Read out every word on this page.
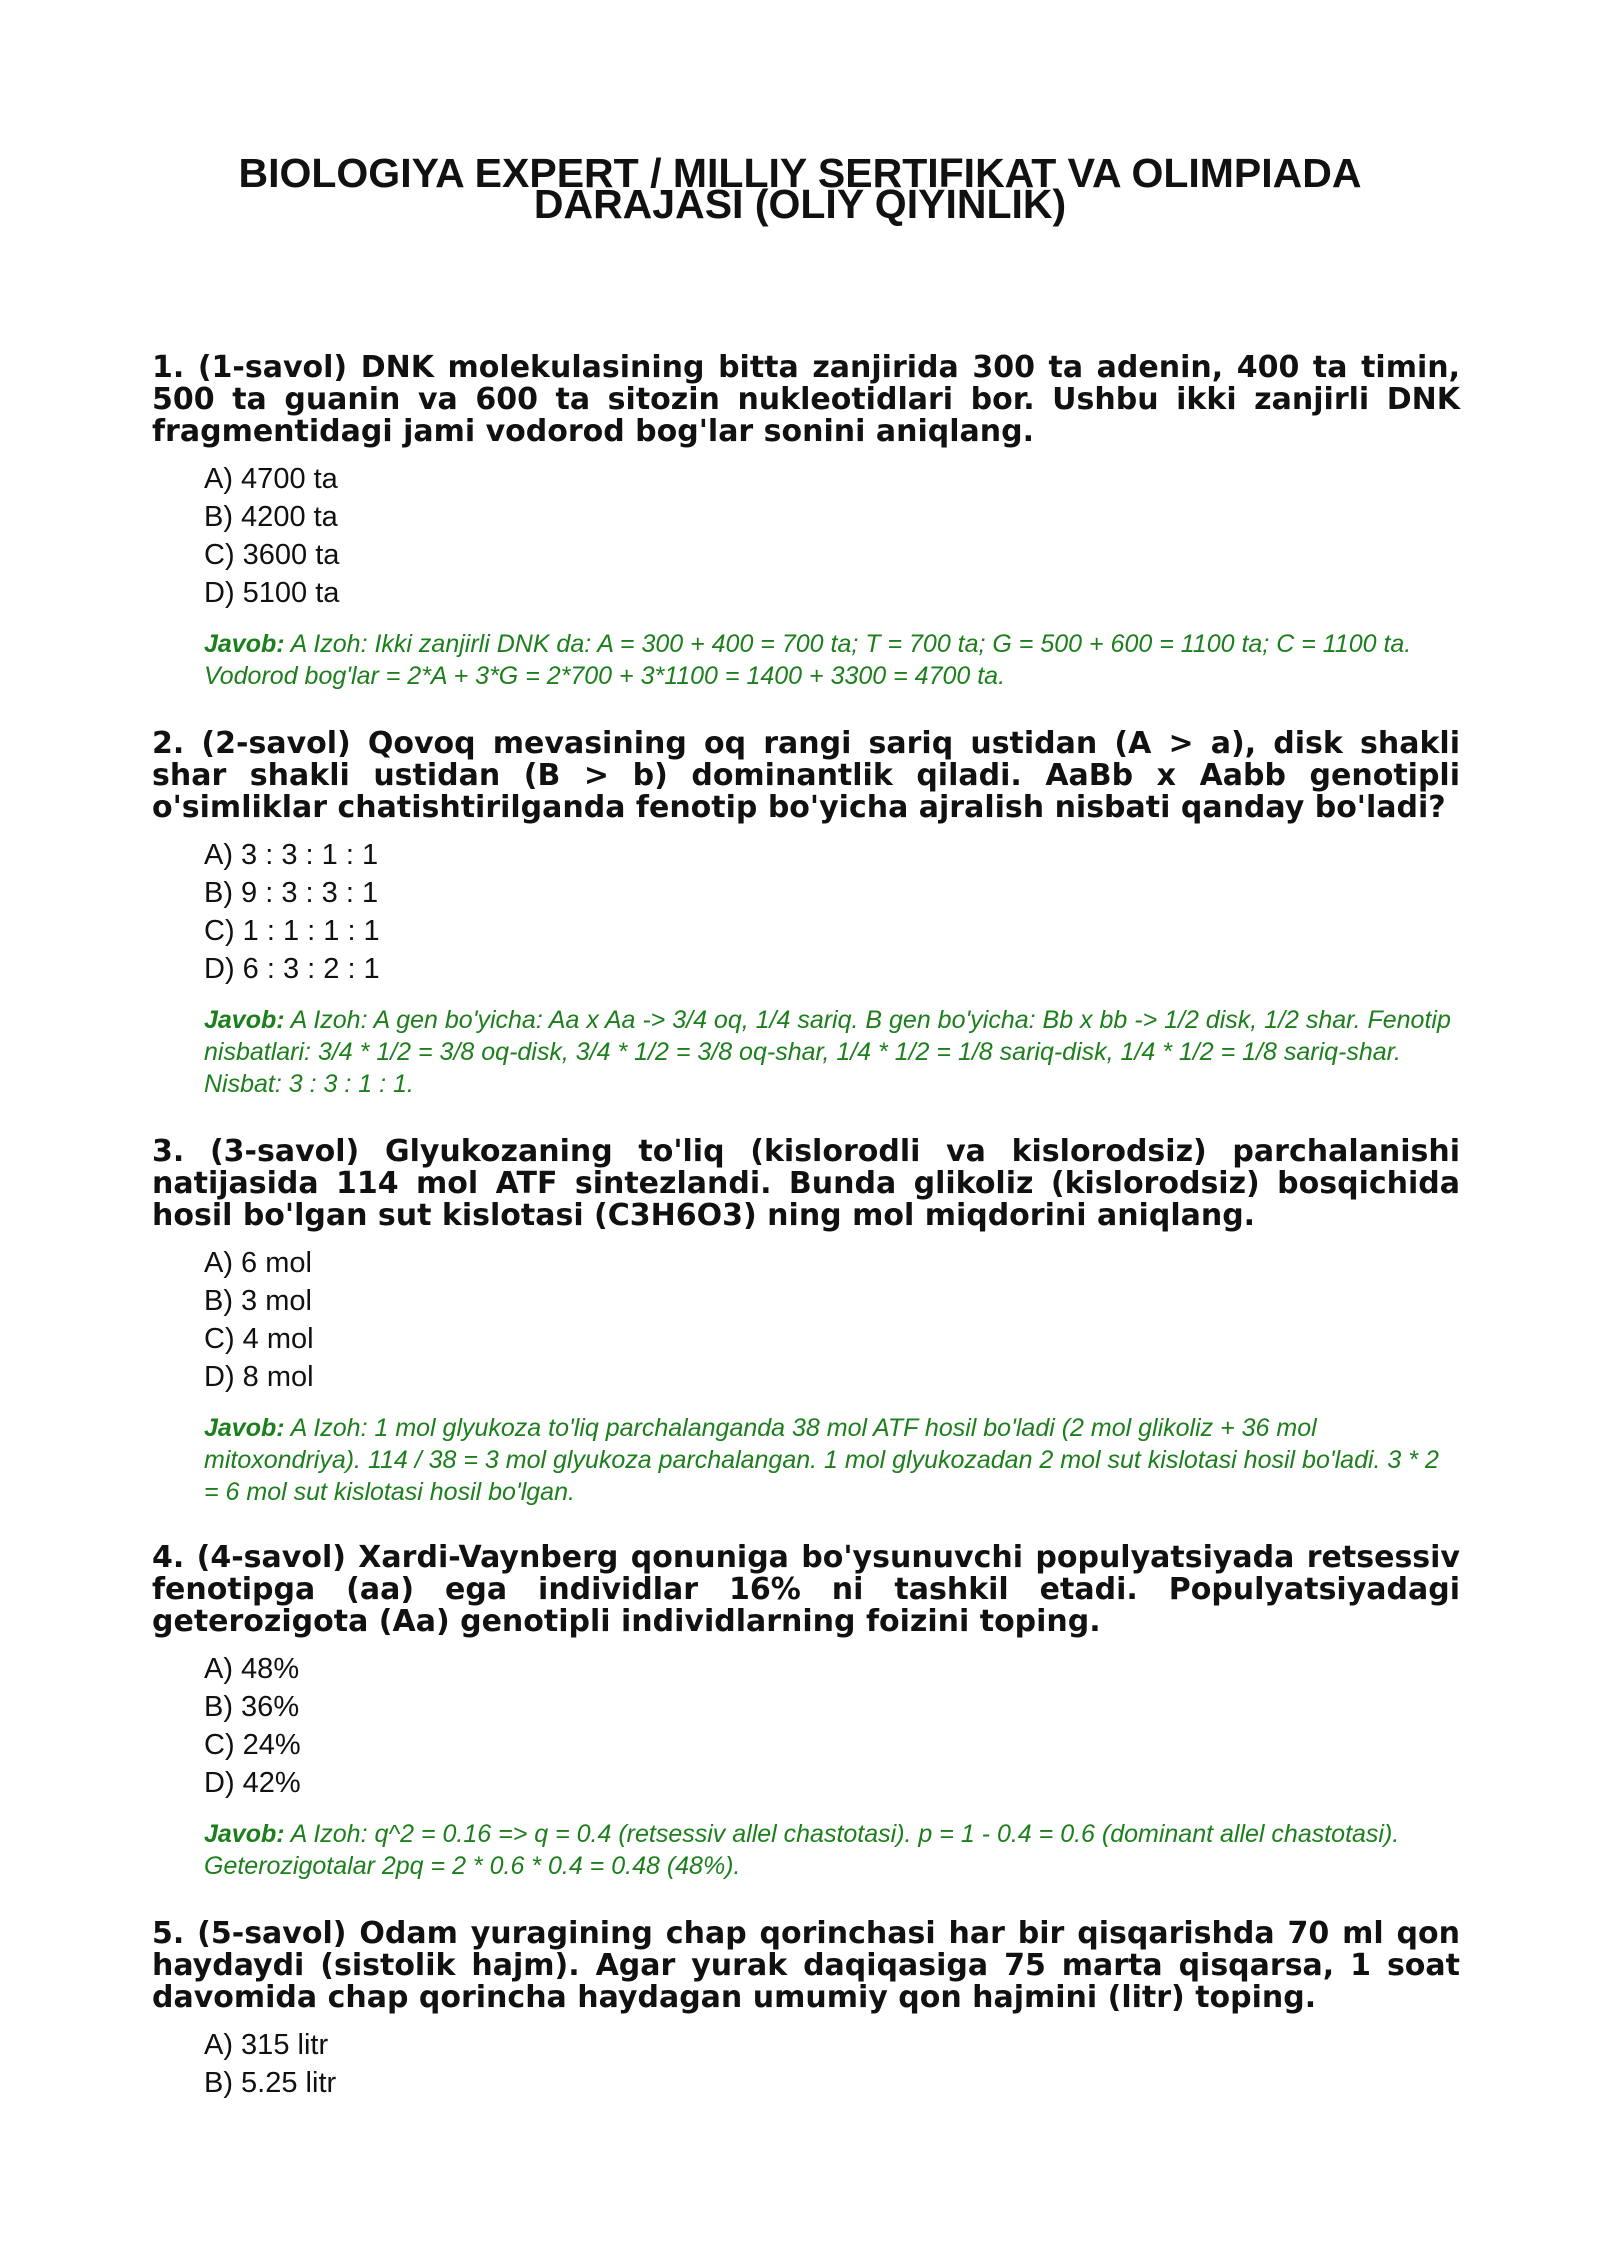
BIOLOGIYA EXPERT / MILLIY SERTIFIKAT VA OLIMPIADA DARAJASI (OLIY QIYINLIK)

1. (1-savol) DNK molekulasining bitta zanjirida 300 ta adenin, 400 ta timin, 500 ta guanin va 600 ta sitozin nukleotidlari bor. Ushbu ikki zanjirli DNK fragmentidagi jami vodorod bog'lar sonini aniqlang.

A) 4700 ta
B) 4200 ta
C) 3600 ta
D) 5100 ta
Javob: A Izoh: Ikki zanjirli DNK da: A = 300 + 400 = 700 ta; T = 700 ta; G = 500 + 600 = 1100 ta; C = 1100 ta. Vodorod bog'lar = 2*A + 3*G = 2*700 + 3*1100 = 1400 + 3300 = 4700 ta.

2. (2-savol) Qovoq mevasining oq rangi sariq ustidan (A > a), disk shakli shar shakli ustidan (B > b) dominantlik qiladi. AaBb x Aabb genotipli o'simliklar chatishtirilganda fenotip bo'yicha ajralish nisbati qanday bo'ladi?

A) 3 : 3 : 1 : 1
B) 9 : 3 : 3 : 1
C) 1 : 1 : 1 : 1
D) 6 : 3 : 2 : 1
Javob: A Izoh: A gen bo'yicha: Aa x Aa -> 3/4 oq, 1/4 sariq. B gen bo'yicha: Bb x bb -> 1/2 disk, 1/2 shar. Fenotip nisbatlari: 3/4 * 1/2 = 3/8 oq-disk, 3/4 * 1/2 = 3/8 oq-shar, 1/4 * 1/2 = 1/8 sariq-disk, 1/4 * 1/2 = 1/8 sariq-shar. Nisbat: 3 : 3 : 1 : 1.

3. (3-savol) Glyukozaning to'liq (kislorodli va kislorodsiz) parchalanishi natijasida 114 mol ATF sintezlandi. Bunda glikoliz (kislorodsiz) bosqichida hosil bo'lgan sut kislotasi (C3H6O3) ning mol miqdorini aniqlang.

A) 6 mol
B) 3 mol
C) 4 mol
D) 8 mol
Javob: A Izoh: 1 mol glyukoza to'liq parchalanganda 38 mol ATF hosil bo'ladi (2 mol glikoliz + 36 mol mitoxondriya). 114 / 38 = 3 mol glyukoza parchalangan. 1 mol glyukozadan 2 mol sut kislotasi hosil bo'ladi. 3 * 2 = 6 mol sut kislotasi hosil bo'lgan.

4. (4-savol) Xardi-Vaynberg qonuniga bo'ysunuvchi populyatsiyada retsessiv fenotipga (aa) ega individlar 16% ni tashkil etadi. Populyatsiyadagi geterozigota (Aa) genotipli individlarning foizini toping.

A) 48%
B) 36%
C) 24%
D) 42%
Javob: A Izoh: q^2 = 0.16 => q = 0.4 (retsessiv allel chastotasi). p = 1 - 0.4 = 0.6 (dominant allel chastotasi). Geterozigotalar 2pq = 2 * 0.6 * 0.4 = 0.48 (48%).

5. (5-savol) Odam yuragining chap qorinchasi har bir qisqarishda 70 ml qon haydaydi (sistolik hajm). Agar yurak daqiqasiga 75 marta qisqarsa, 1 soat davomida chap qorincha haydagan umumiy qon hajmini (litr) toping.

A) 315 litr
B) 5.25 litr
